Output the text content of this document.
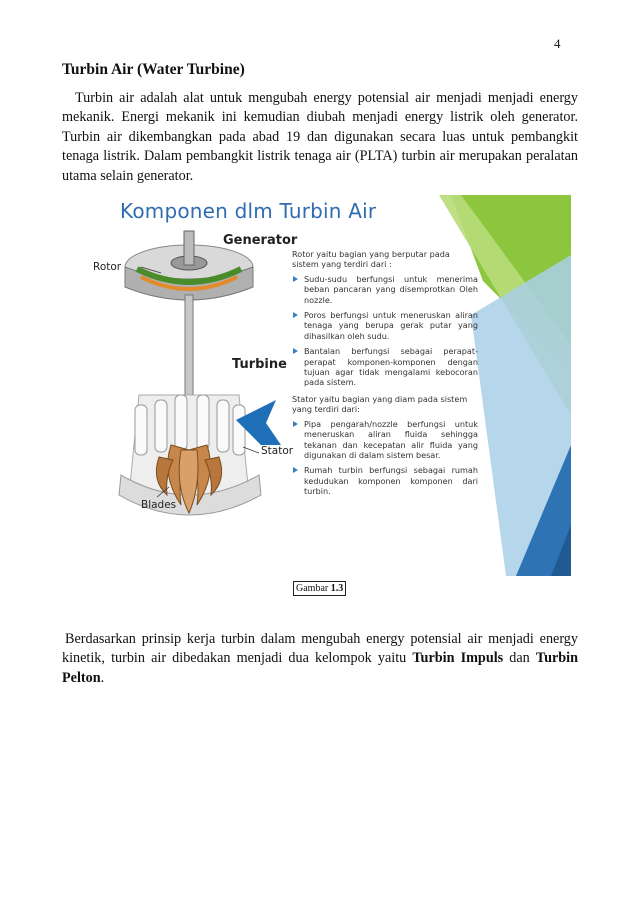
4
Turbin Air (Water Turbine)

Turbin air adalah alat untuk mengubah energy potensial air menjadi menjadi energy mekanik. Energi mekanik ini kemudian diubah menjadi energy listrik oleh generator. Turbin air dikembangkan pada abad 19 dan digunakan secara luas untuk pembangkit tenaga listrik. Dalam pembangkit listrik tenaga air (PLTA) turbin air merupakan peralatan utama selain generator.

Komponen dlm Turbin Air
Generator
Rotor
Turbine
Stator
Blades

Rotor yaitu bagian yang berputar pada sistem yang terdiri dari :

Sudu-sudu berfungsi untuk menerima beban pancaran yang disemprotkan Oleh nozzle.
Poros berfungsi untuk meneruskan aliran tenaga yang berupa gerak putar yang dihasilkan oleh sudu.
Bantalan berfungsi sebagai perapat-perapat komponen-komponen dengan tujuan agar tidak mengalami kebocoran pada sistem.

Stator yaitu bagian yang diam pada sistem yang terdiri dari:

Pipa pengarah/nozzle berfungsi untuk meneruskan aliran fluida sehingga tekanan dan kecepatan alir fluida yang digunakan di dalam sistem besar.
Rumah turbin berfungsi sebagai rumah kedudukan komponen komponen dari turbin.
Gambar 1.3

Berdasarkan prinsip kerja turbin dalam mengubah energy potensial air menjadi energy kinetik, turbin air dibedakan menjadi dua kelompok yaitu Turbin Impuls dan Turbin Pelton.
